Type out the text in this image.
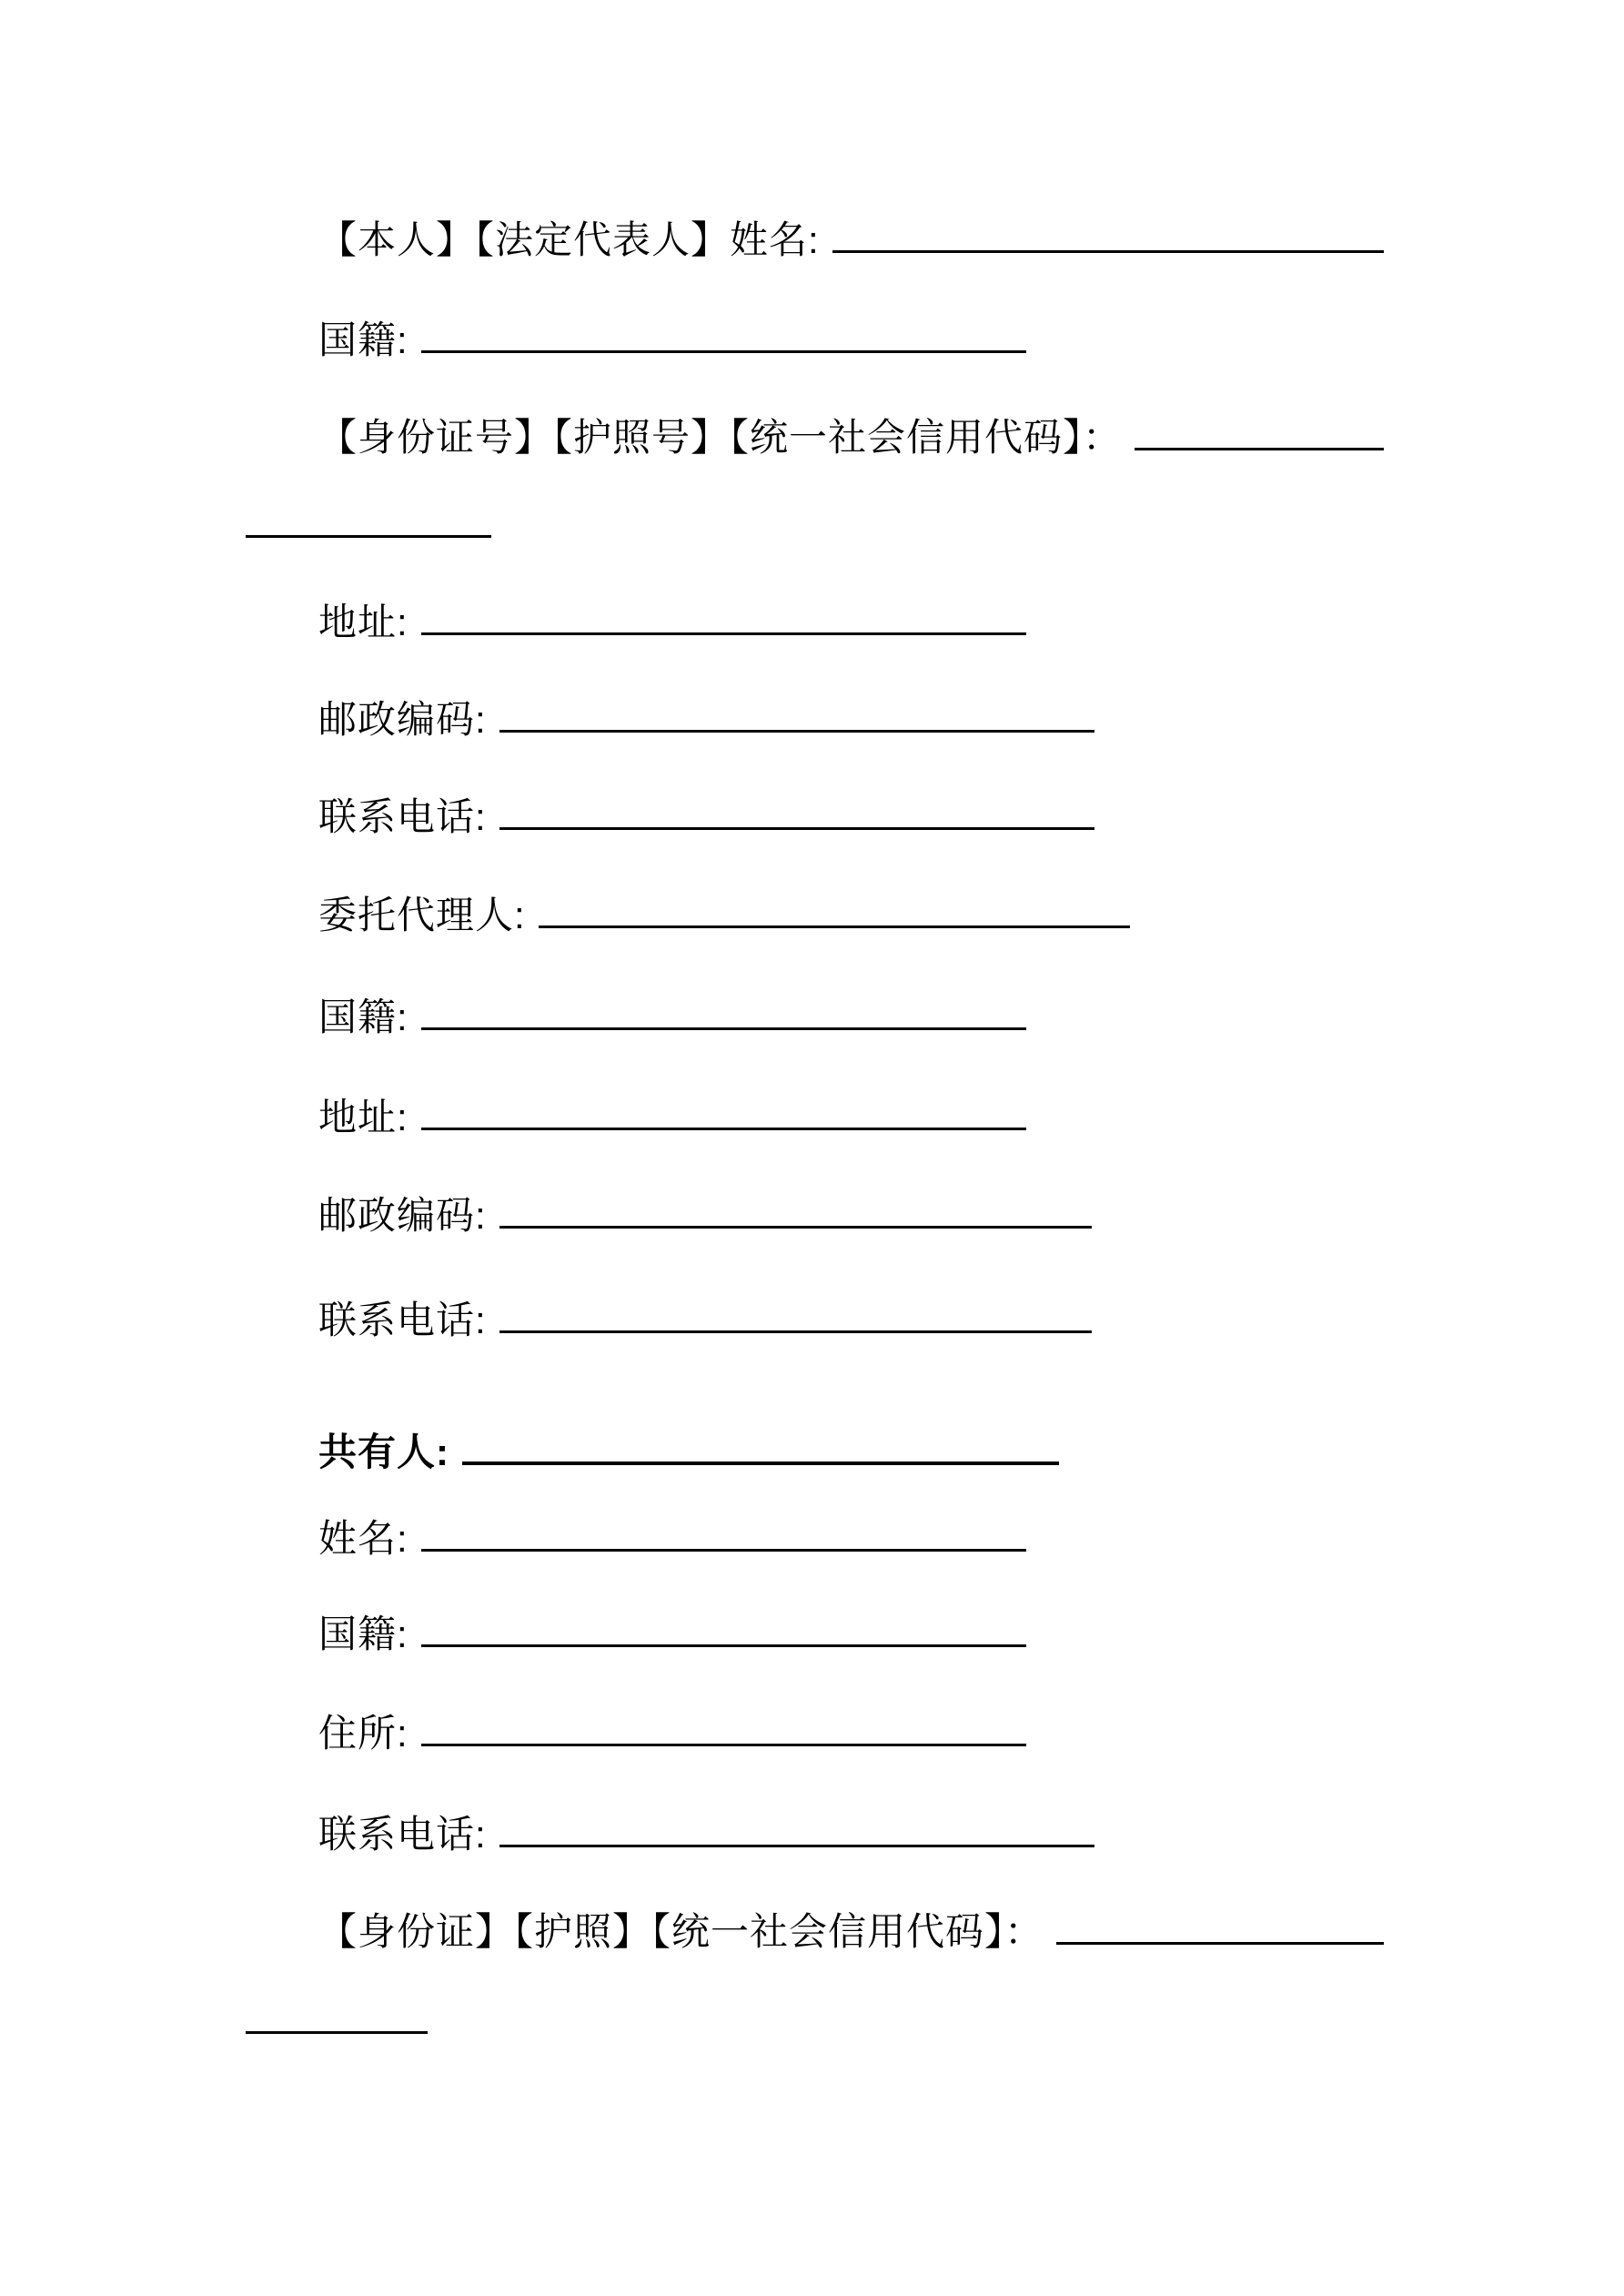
【本人】【法定代表人】姓名:
国籍:
【身份证号】【护照号】【统一社会信用代码】：
地址:
邮政编码:
联系电话:
委托代理人:
国籍:
地址:
邮政编码:
联系电话:
共有人:
姓名:
国籍:
住所:
联系电话:
【身份证】【护照】【统一社会信用代码】：
